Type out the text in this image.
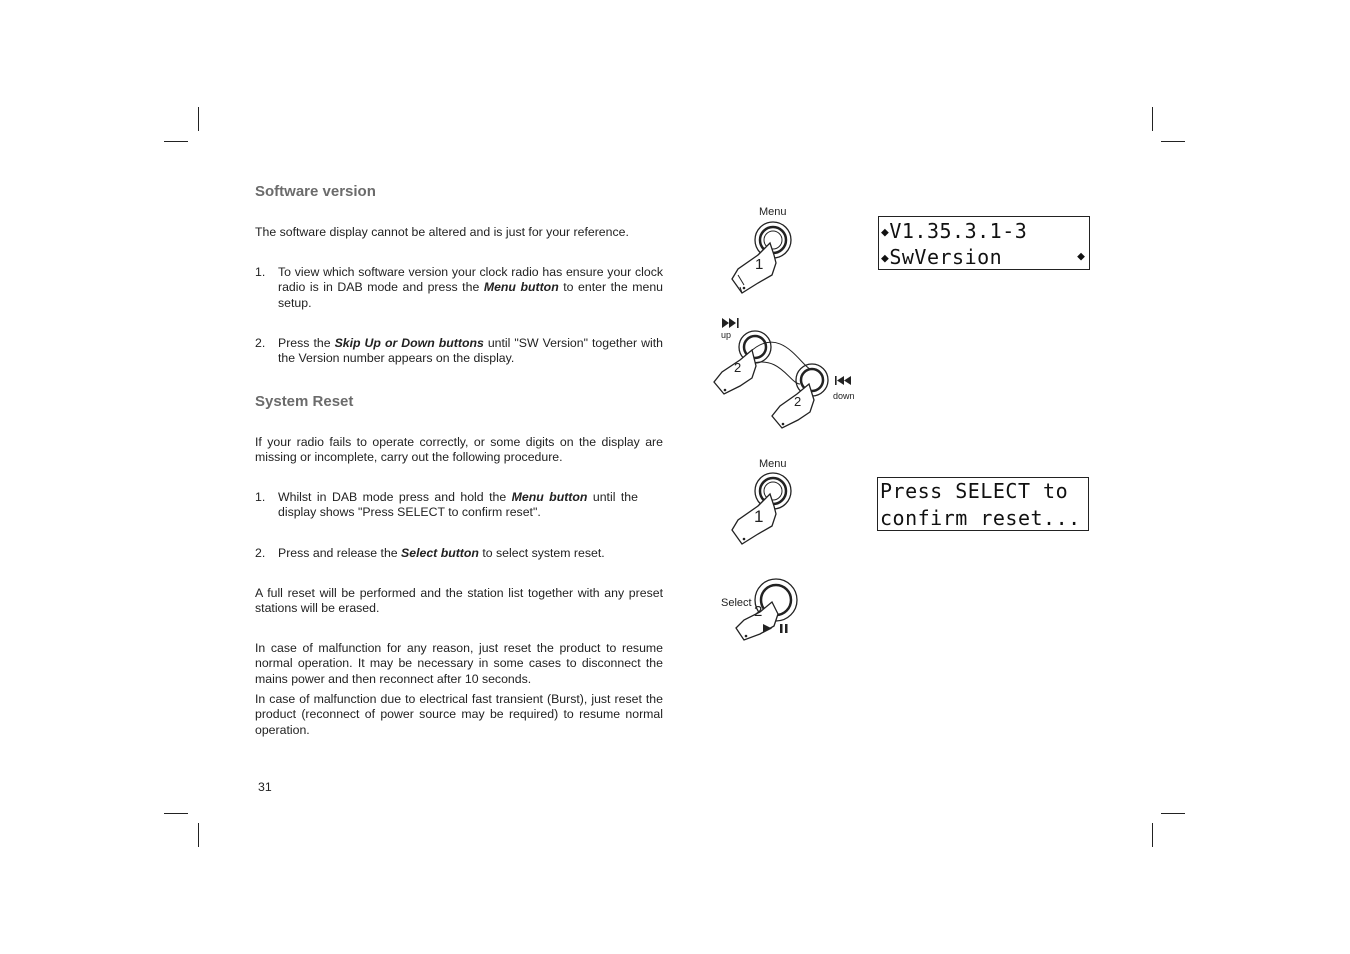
Software version

The software display cannot be altered and is just for your reference.

1. To view which software version your clock radio has ensure your clock radio is in DAB mode and press the Menu button to enter the menu setup.
2. Press the Skip Up or Down buttons until "SW Version" together with the Version number appears on the display.
System Reset

If your radio fails to operate correctly, or some digits on the display are missing or incomplete, carry out the following procedure.

1. Whilst in DAB mode press and hold the Menu button until the display shows "Press SELECT to confirm reset".
2. Press and release the Select button to select system reset.

A full reset will be performed and the station list together with any preset stations will be erased.

In case of malfunction for any reason, just reset the product to resume normal operation. It may be necessary in some cases to disconnect the mains power and then reconnect after 10 seconds.

In case of malfunction due to electrical fast transient (Burst), just reset the product (reconnect of power source may be required) to resume normal operation.

31
Menu
1
◆V1.35.3.1-3
◆SwVersion	◆
up
2
2	down
Menu
1
Press SELECT to
confirm reset...
Select 2
